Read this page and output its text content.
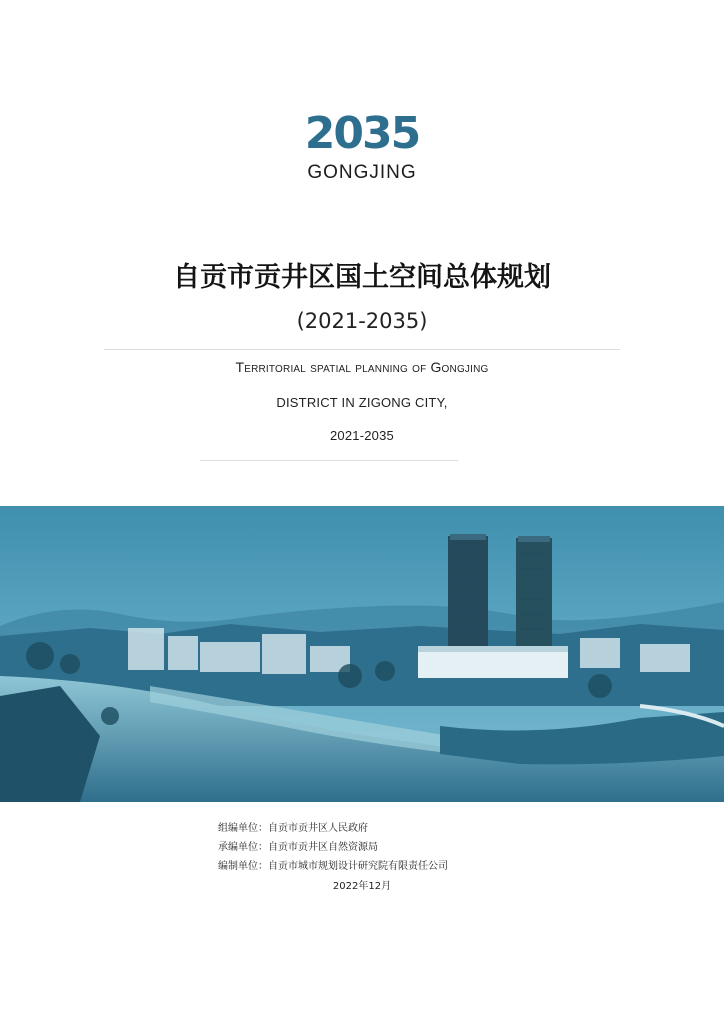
2035
GONGJING
自贡市贡井区国土空间总体规划
(2021-2035)
Territorial spatial planning of Gongjing
DISTRICT IN ZIGONG CITY,
2021-2035
组编单位：自贡市贡井区人民政府
承编单位：自贡市贡井区自然资源局
编制单位：自贡市城市规划设计研究院有限责任公司
2022年12月
